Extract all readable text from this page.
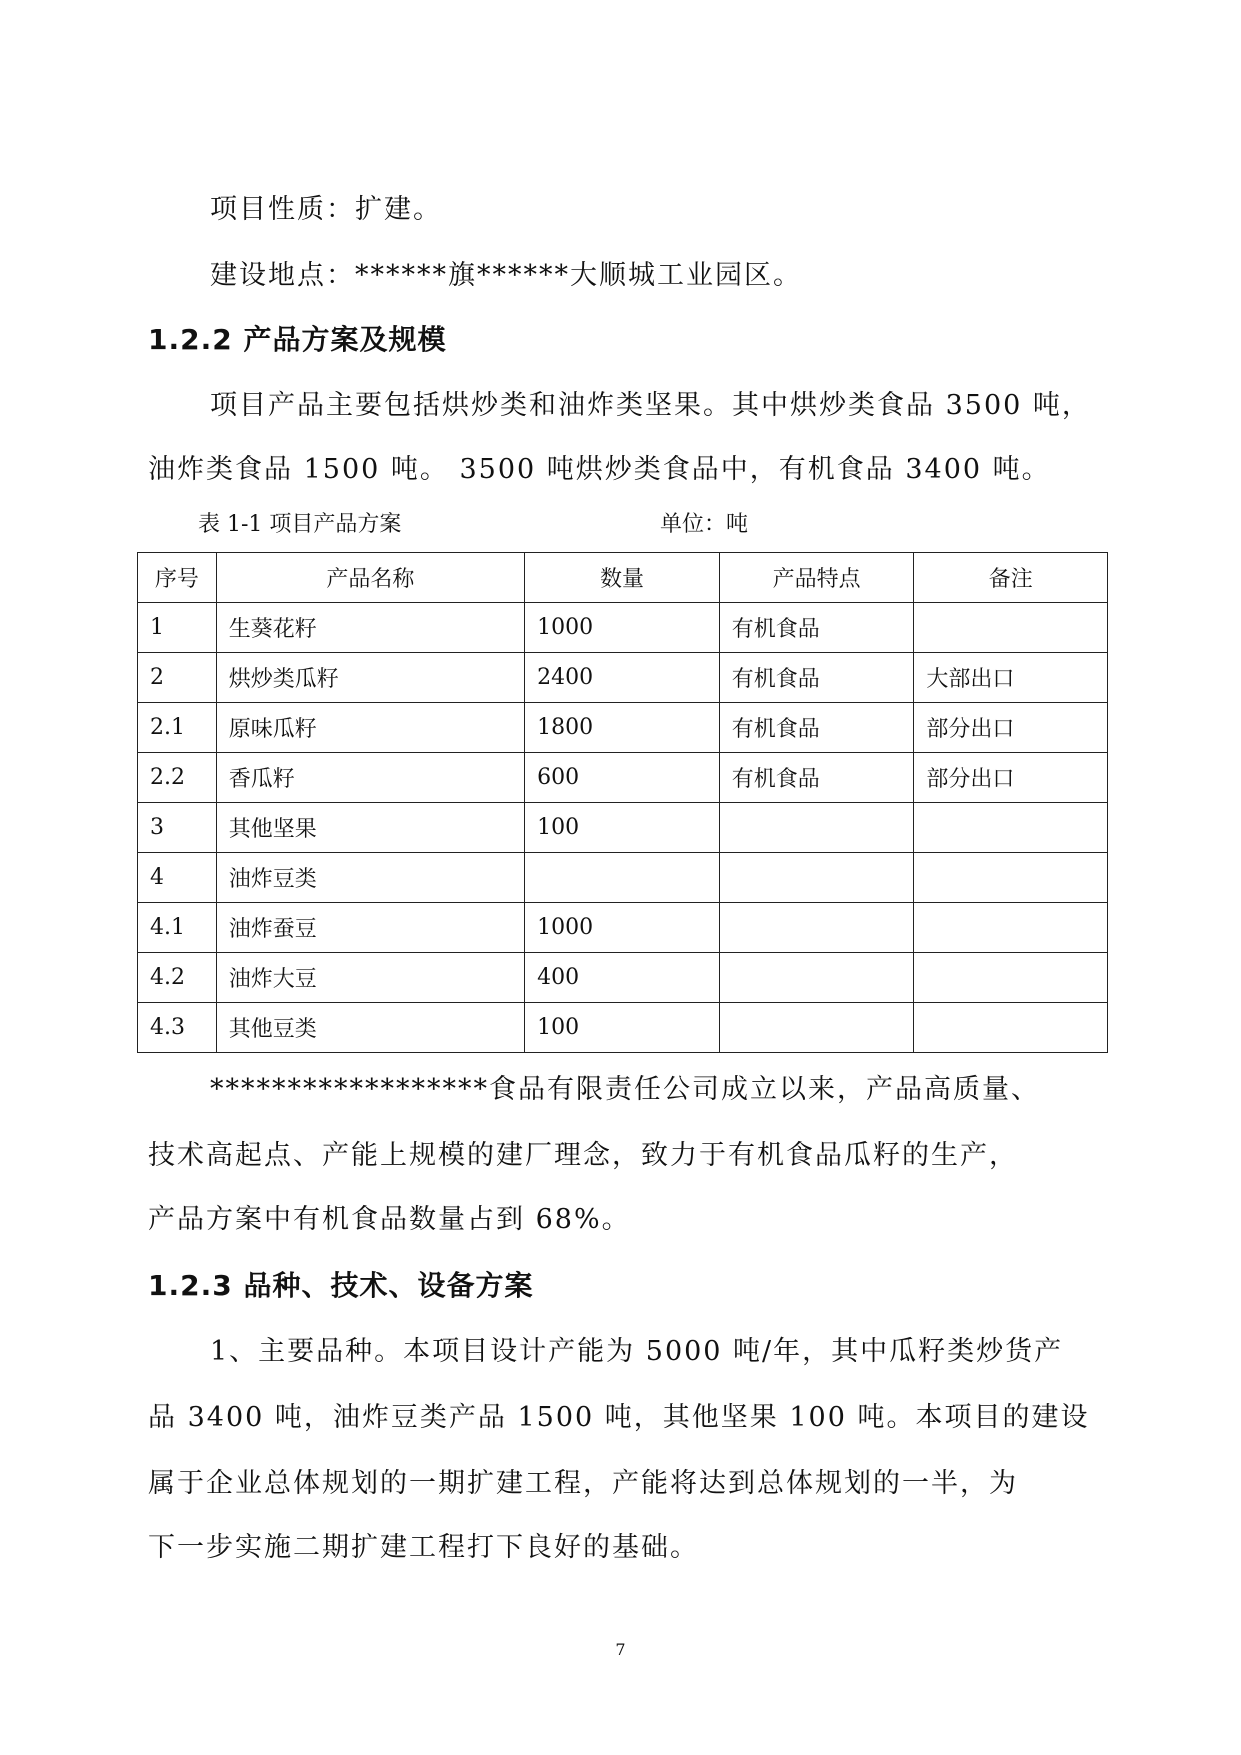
项目性质：扩建。
建设地点：******旗******大顺城工业园区。
1.2.2 产品方案及规模
项目产品主要包括烘炒类和油炸类坚果。其中烘炒类食品 3500 吨，
油炸类食品 1500 吨。 3500 吨烘炒类食品中，有机食品 3400 吨。
表 1-1 项目产品方案	单位：吨
序号	产品名称	数量	产品特点	备注
1	生葵花籽	1000	有机食品	
2	烘炒类瓜籽	2400	有机食品	大部出口
2.1	原味瓜籽	1800	有机食品	部分出口
2.2	香瓜籽	600	有机食品	部分出口
3	其他坚果	100		
4	油炸豆类			
4.1	油炸蚕豆	1000		
4.2	油炸大豆	400		
4.3	其他豆类	100		
******************食品有限责任公司成立以来，产品高质量、
技术高起点、产能上规模的建厂理念，致力于有机食品瓜籽的生产，
产品方案中有机食品数量占到 68%。
1.2.3 品种、技术、设备方案
1、主要品种。本项目设计产能为 5000 吨/年，其中瓜籽类炒货产
品 3400 吨，油炸豆类产品 1500 吨，其他坚果 100 吨。本项目的建设
属于企业总体规划的一期扩建工程，产能将达到总体规划的一半，为
下一步实施二期扩建工程打下良好的基础。
7
